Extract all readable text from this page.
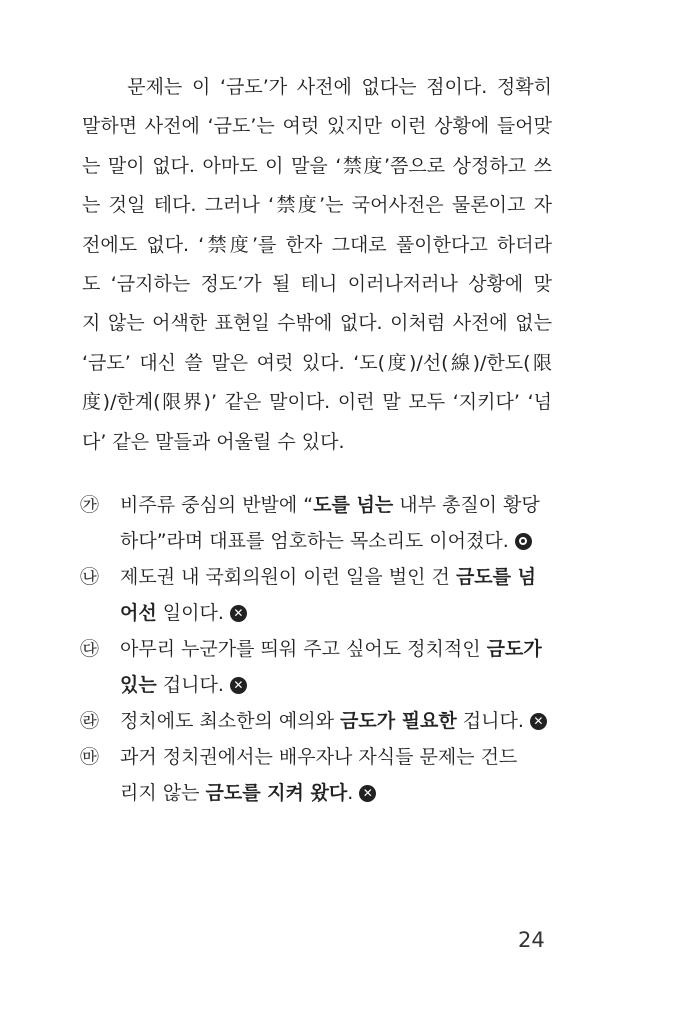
　　문제는 이 ‘금도’가 사전에 없다는 점이다. 정확히
말하면 사전에 ‘금도’는 여럿 있지만 이런 상황에 들어맞
는 말이 없다. 아마도 이 말을 ‘禁度’쯤으로 상정하고 쓰
는 것일 테다. 그러나 ‘禁度’는 국어사전은 물론이고 자
전에도 없다. ‘禁度’를 한자 그대로 풀이한다고 하더라
도 ‘금지하는 정도’가 될 테니 이러나저러나 상황에 맞
지 않는 어색한 표현일 수밖에 없다. 이처럼 사전에 없는
‘금도’ 대신 쓸 말은 여럿 있다. ‘도(度)/선(線)/한도(限
度)/한계(限界)’ 같은 말이다. 이런 말 모두 ‘지키다’ ‘넘
다’ 같은 말들과 어울릴 수 있다.

㉮	비주류 중심의 반발에 “도를 넘는 내부 총질이 황당
하다”라며 대표를 엄호하는 목소리도 이어졌다.
㉯	제도권 내 국회의원이 이런 일을 벌인 건 금도를 넘
어선 일이다. ✕
㉰	아무리 누군가를 띄워 주고 싶어도 정치적인 금도가
있는 겁니다. ✕
㉱	정치에도 최소한의 예의와 금도가 필요한 겁니다. ✕
㉲	과거 정치권에서는 배우자나 자식들 문제는 건드
리지 않는 금도를 지켜 왔다. ✕
24
